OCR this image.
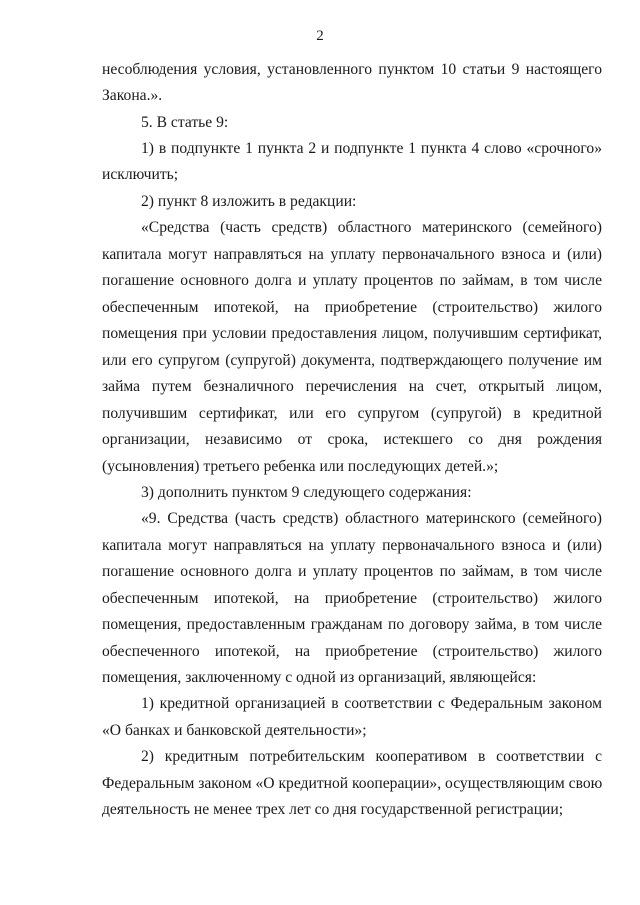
2
несоблюдения условия, установленного пунктом 10 статьи 9 настоящего
Закона.».
5. В статье 9:
1) в подпункте 1 пункта 2 и подпункте 1 пункта 4 слово «срочного»
исключить;
2) пункт 8 изложить в редакции:
«Средства (часть средств) областного материнского (семейного)
капитала могут направляться на уплату первоначального взноса и (или)
погашение основного долга и уплату процентов по займам, в том числе
обеспеченным ипотекой, на приобретение (строительство) жилого
помещения при условии предоставления лицом, получившим сертификат,
или его супругом (супругой) документа, подтверждающего получение им
займа путем безналичного перечисления на счет, открытый лицом,
получившим сертификат, или его супругом (супругой) в кредитной
организации, независимо от срока, истекшего со дня рождения
(усыновления) третьего ребенка или последующих детей.»;
3) дополнить пунктом 9 следующего содержания:
«9. Средства (часть средств) областного материнского (семейного)
капитала могут направляться на уплату первоначального взноса и (или)
погашение основного долга и уплату процентов по займам, в том числе
обеспеченным ипотекой, на приобретение (строительство) жилого
помещения, предоставленным гражданам по договору займа, в том числе
обеспеченного ипотекой, на приобретение (строительство) жилого
помещения, заключенному с одной из организаций, являющейся:
1) кредитной организацией в соответствии с Федеральным законом
«О банках и банковской деятельности»;
2) кредитным потребительским кооперативом в соответствии с
Федеральным законом «О кредитной кооперации», осуществляющим свою
деятельность не менее трех лет со дня государственной регистрации;
